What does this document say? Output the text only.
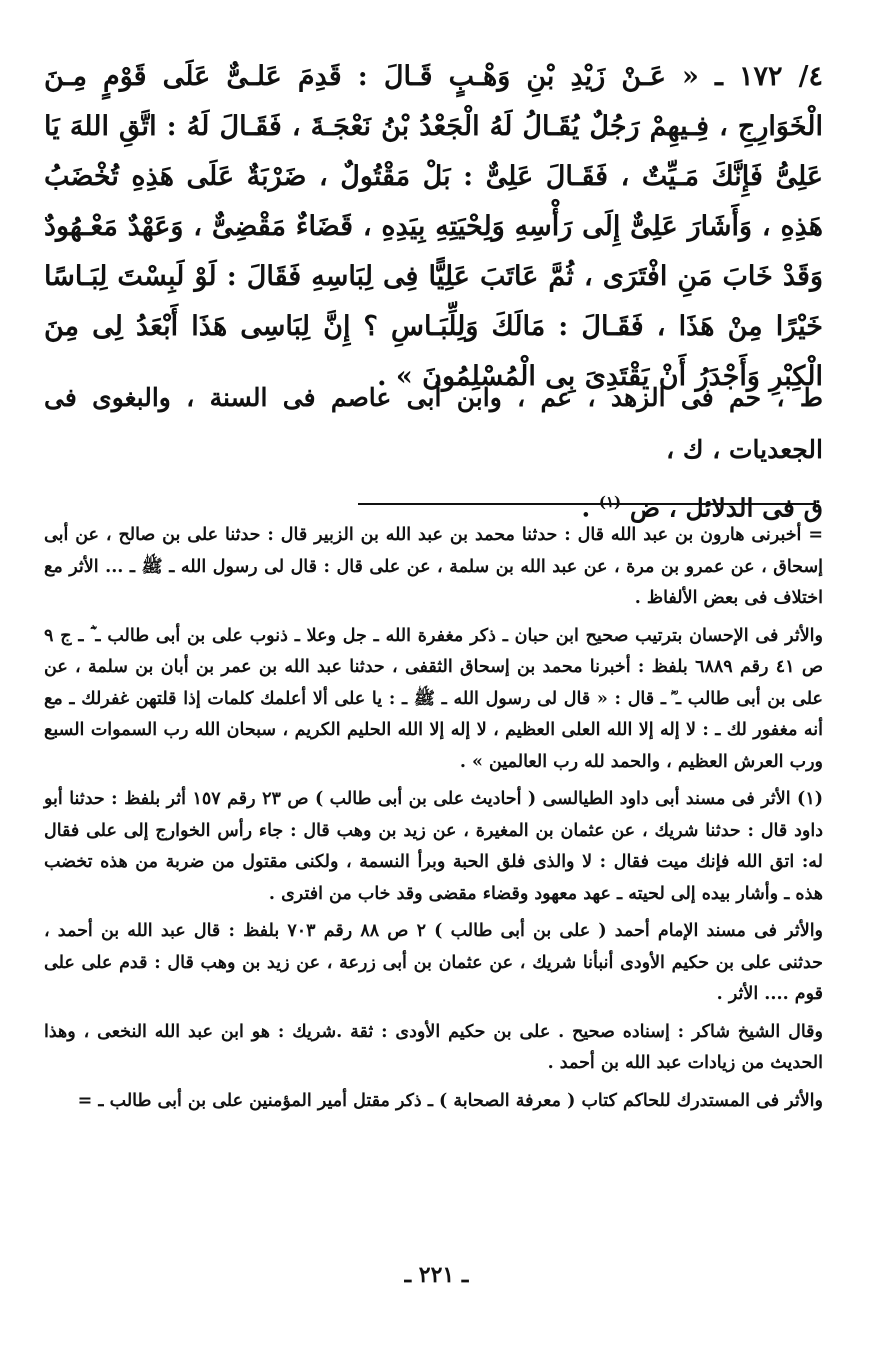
٤/ ١٧٢ ـ « عَـنْ زَيْدِ بْنِ وَهْـبٍ قَـالَ : قَدِمَ عَلـىٌّ عَلَى قَوْمٍ مِـنَ الْخَوَارِجِ ، فِـيهِمْ رَجُلٌ يُقَـالُ لَهُ الْجَعْدُ بْنُ نَعْجَـةَ ، فَقَـالَ لَهُ : اتَّقِ اللهَ يَا عَلِىُّ فَإِنَّكَ مَـيِّتٌ ، فَقَـالَ عَلِىٌّ : بَلْ مَقْتُولٌ ، ضَرْبَةٌ عَلَى هَذِهِ تُخْضَبُ هَذِهِ ، وَأَشَارَ عَلِىٌّ إِلَى رَأْسِهِ وَلِحْيَتِهِ بِيَدِهِ ، قَضَاءٌ مَقْضِىٌّ ، وَعَهْدٌ مَعْـهُودٌ وَقَدْ خَابَ مَنِ افْتَرَى ، ثُمَّ عَاتَبَ عَلِيًّا فِى لِبَاسِهِ فَقَالَ : لَوْ لَبِسْتَ لِبَـاسًا خَيْرًا مِنْ هَذَا ، فَقَـالَ : مَالَكَ وَلِلِّبَـاسِ ؟ إِنَّ لِبَاسِى هَذَا أَبْعَدُ لِى مِنَ الْكِبْرِ وَأَجْدَرُ أَنْ يَقْتَدِىَ بِى الْمُسْلِمُونَ » .

ط ، حم فى الزهد ، عم ، وابن أبى عاصم فى السنة ، والبغوى فى الجعديات ، ك ،

ق فى الدلائل ، ض $^{(١)}$ .

= أخبرنى هارون بن عبد الله قال : حدثنا محمد بن عبد الله بن الزبير قال : حدثنا على بن صالح ، عن أبى إسحاق ، عن عمرو بن مرة ، عن عبد الله بن سلمة ، عن على قال : قال لى رسول الله ـ ﷺ ـ ... الأثر مع اختلاف فى بعض الألفاظ .

والأثر فى الإحسان بترتيب صحيح ابن حبان ـ ذكر مغفرة الله ـ جل وعلا ـ ذنوب على بن أبى طالب ـ ؓ ـ ج ٩ ص ٤١ رقم ٦٨٨٩ بلفظ : أخبرنا محمد بن إسحاق الثقفى ، حدثنا عبد الله بن عمر بن أبان بن سلمة ، عن على بن أبى طالب ـ ؓ ـ قال : « قال لى رسول الله ـ ﷺ ـ : يا على ألا أعلمك كلمات إذا قلتهن غفرلك ـ مع أنه مغفور لك ـ : لا إله إلا الله العلى العظيم ، لا إله إلا الله الحليم الكريم ، سبحان الله رب السموات السبع ورب العرش العظيم ، والحمد لله رب العالمين » .

(١) الأثر فى مسند أبى داود الطيالسى ( أحاديث على بن أبى طالب ) ص ٢٣ رقم ١٥٧ أثر بلفظ : حدثنا أبو داود قال : حدثنا شريك ، عن عثمان بن المغيرة ، عن زيد بن وهب قال : جاء رأس الخوارج إلى على فقال له: اتق الله فإنك ميت فقال : لا والذى فلق الحبة وبرأ النسمة ، ولكنى مقتول من ضربة من هذه تخضب هذه ـ وأشار بيده إلى لحيته ـ عهد معهود وقضاء مقضى وقد خاب من افترى .

والأثر فى مسند الإمام أحمد ( على بن أبى طالب ) ٢ ص ٨٨ رقم ٧٠٣ بلفظ : قال عبد الله بن أحمد ، حدثنى على بن حكيم الأودى أنبأنا شريك ، عن عثمان بن أبى زرعة ، عن زيد بن وهب قال : قدم على على قوم .... الأثر .

وقال الشيخ شاكر : إسناده صحيح . على بن حكيم الأودى : ثقة .شريك : هو ابن عبد الله النخعى ، وهذا الحديث من زيادات عبد الله بن أحمد .

والأثر فى المستدرك للحاكم كتاب ( معرفة الصحابة ) ـ ذكر مقتل أمير المؤمنين على بن أبى طالب ـ =

ـ ٢٢١ ـ
